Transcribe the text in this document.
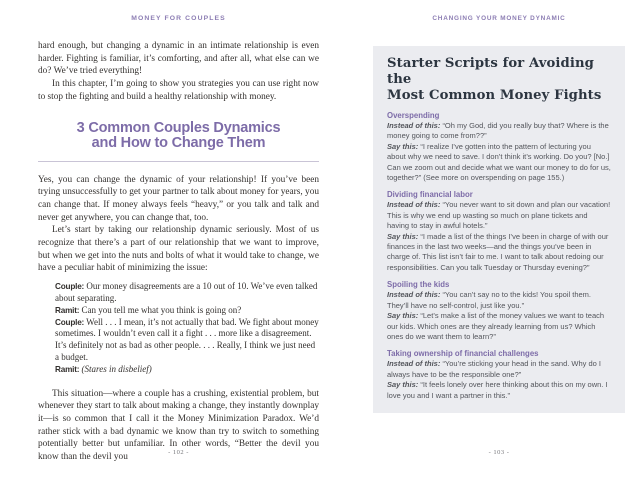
MONEY FOR COUPLES

hard enough, but changing a dynamic in an intimate relationship is even harder. Fighting is familiar, it’s comforting, and after all, what else can we do? We’ve tried everything!

In this chapter, I’m going to show you strategies you can use right now to stop the fighting and build a healthy relationship with money.

3 Common Couples Dynamics
and How to Change Them

Yes, you can change the dynamic of your relationship! If you’ve been trying unsuccessfully to get your partner to talk about money for years, you can change that. If money always feels “heavy,” or you talk and talk and never get anywhere, you can change that, too.

Let’s start by taking our relationship dynamic seriously. Most of us recognize that there’s a part of our relationship that we want to improve, but when we get into the nuts and bolts of what it would take to change, we have a peculiar habit of minimizing the issue:

Couple: Our money disagreements are a 10 out of 10. We’ve even talked about separating.

Ramit: Can you tell me what you think is going on?

Couple: Well . . . I mean, it’s not actually that bad. We fight about money sometimes. I wouldn’t even call it a fight . . . more like a disagreement. It’s definitely not as bad as other people. . . . Really, I think we just need a budget.

Ramit: (Stares in disbelief)

This situation—where a couple has a crushing, existential problem, but whenever they start to talk about making a change, they instantly downplay it—is so common that I call it the Money Minimization Paradox. We’d rather stick with a bad dynamic we know than try to switch to something potentially better but unfamiliar. In other words, “Better the devil you know than the devil you	- 102 -
CHANGING YOUR MONEY DYNAMIC
Starter Scripts for Avoiding the
Most Common Money Fights
Overspending

Instead of this: “Oh my God, did you really buy that? Where is the money going to come from??”

Say this: “I realize I’ve gotten into the pattern of lecturing you about why we need to save. I don’t think it’s working. Do you? [No.] Can we zoom out and decide what we want our money to do for us, together?” (See more on overspending on page 155.)

Dividing financial labor

Instead of this: “You never want to sit down and plan our vacation! This is why we end up wasting so much on plane tickets and having to stay in awful hotels.”

Say this: “I made a list of the things I’ve been in charge of with our finances in the last two weeks—and the things you’ve been in charge of. This list isn’t fair to me. I want to talk about redoing our responsibilities. Can you talk Tuesday or Thursday evening?”

Spoiling the kids

Instead of this: “You can’t say no to the kids! You spoil them. They’ll have no self-control, just like you.”

Say this: “Let’s make a list of the money values we want to teach our kids. Which ones are they already learning from us? Which ones do we want them to learn?”

Taking ownership of financial challenges

Instead of this: “You’re sticking your head in the sand. Why do I always have to be the responsible one?”

Say this: “It feels lonely over here thinking about this on my own. I love you and I want a partner in this.”

- 103 -
